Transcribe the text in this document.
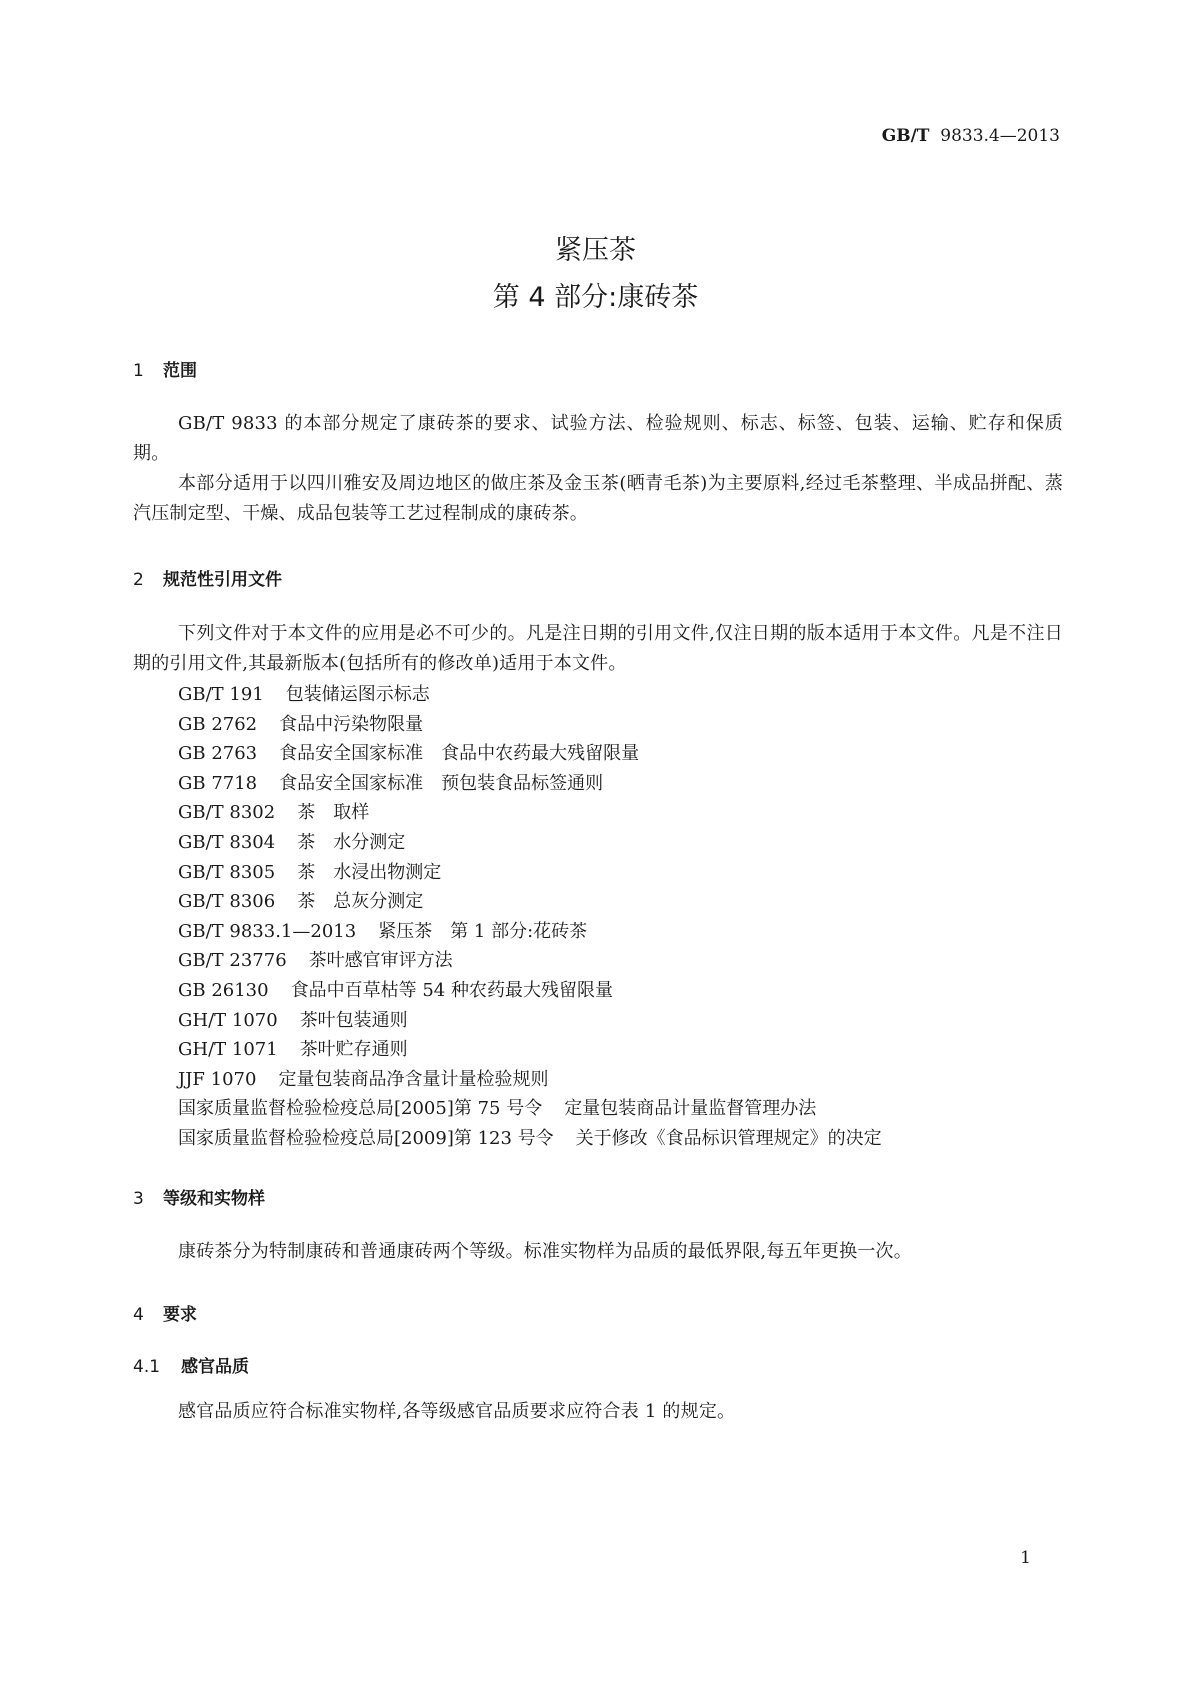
GB/T 9833.4—2013
紧压茶
第 4 部分:康砖茶
1 范围
GB/T 9833 的本部分规定了康砖茶的要求、试验方法、检验规则、标志、标签、包装、运输、贮存和保质期。
本部分适用于以四川雅安及周边地区的做庄茶及金玉茶(晒青毛茶)为主要原料,经过毛茶整理、半成品拼配、蒸汽压制定型、干燥、成品包装等工艺过程制成的康砖茶。
2 规范性引用文件
下列文件对于本文件的应用是必不可少的。凡是注日期的引用文件,仅注日期的版本适用于本文件。凡是不注日期的引用文件,其最新版本(包括所有的修改单)适用于本文件。
GB/T 191 包装储运图示标志
GB 2762 食品中污染物限量
GB 2763 食品安全国家标准　食品中农药最大残留限量
GB 7718 食品安全国家标准　预包装食品标签通则
GB/T 8302 茶　取样
GB/T 8304 茶　水分测定
GB/T 8305 茶　水浸出物测定
GB/T 8306 茶　总灰分测定
GB/T 9833.1—2013 紧压茶　第 1 部分:花砖茶
GB/T 23776 茶叶感官审评方法
GB 26130 食品中百草枯等 54 种农药最大残留限量
GH/T 1070 茶叶包装通则
GH/T 1071 茶叶贮存通则
JJF 1070 定量包装商品净含量计量检验规则
国家质量监督检验检疫总局[2005]第 75 号令 定量包装商品计量监督管理办法
国家质量监督检验检疫总局[2009]第 123 号令 关于修改《食品标识管理规定》的决定
3 等级和实物样
康砖茶分为特制康砖和普通康砖两个等级。标准实物样为品质的最低界限,每五年更换一次。
4 要求
4.1 感官品质
感官品质应符合标准实物样,各等级感官品质要求应符合表 1 的规定。
1
